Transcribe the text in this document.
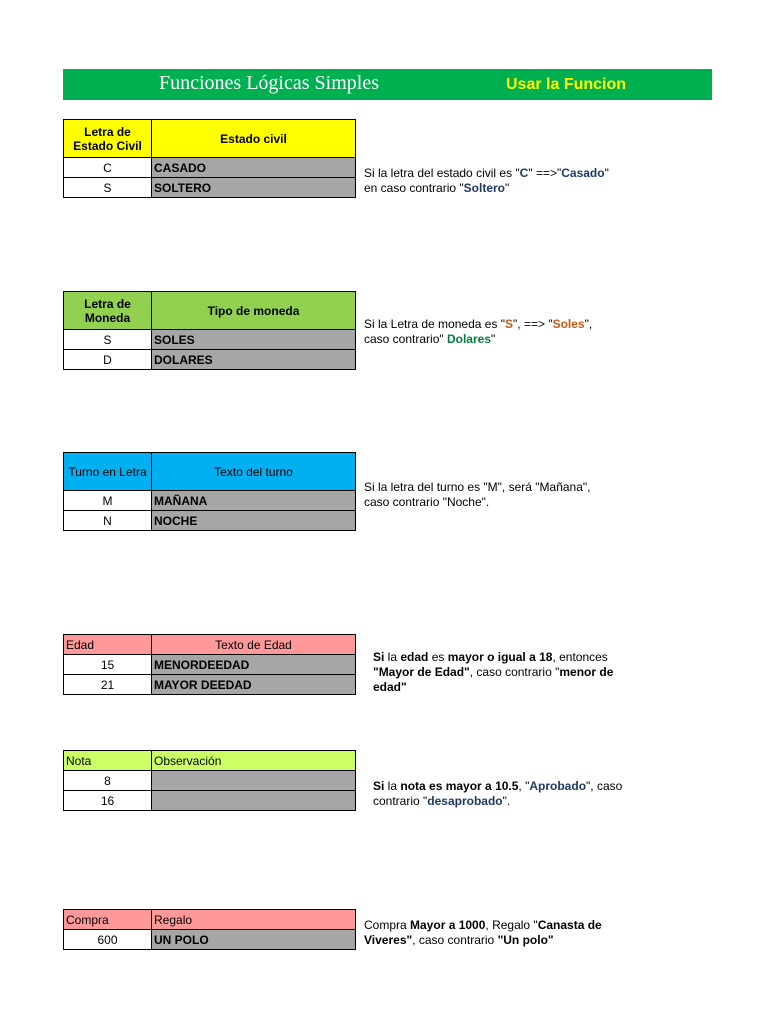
Funciones Lógicas Simples	Usar la Funcion
Letra de Estado Civil	Estado civil
C	CASADO
S	SOLTERO
Si la letra del estado civil es "C" ==>"Casado"
en caso contrario "Soltero"
Letra de Moneda	Tipo de moneda
S	SOLES
D	DOLARES
Si la Letra de moneda es "S", ==> "Soles",
caso contrario" Dolares"
Turno en Letra	Texto del turno
M	MAÑANA
N	NOCHE
Si la letra del turno es "M", será "Mañana",
caso contrario "Noche".
Edad	Texto de Edad
15	MENORDEEDAD
21	MAYOR DEEDAD
Si la edad es mayor o igual a 18, entonces
"Mayor de Edad", caso contrario "menor de
edad"
Nota	Observación
8	
16	
Si la nota es mayor a 10.5, "Aprobado", caso
contrario "desaprobado".
Compra	Regalo
600	UN POLO
Compra Mayor a 1000, Regalo "Canasta de
Viveres", caso contrario "Un polo"
